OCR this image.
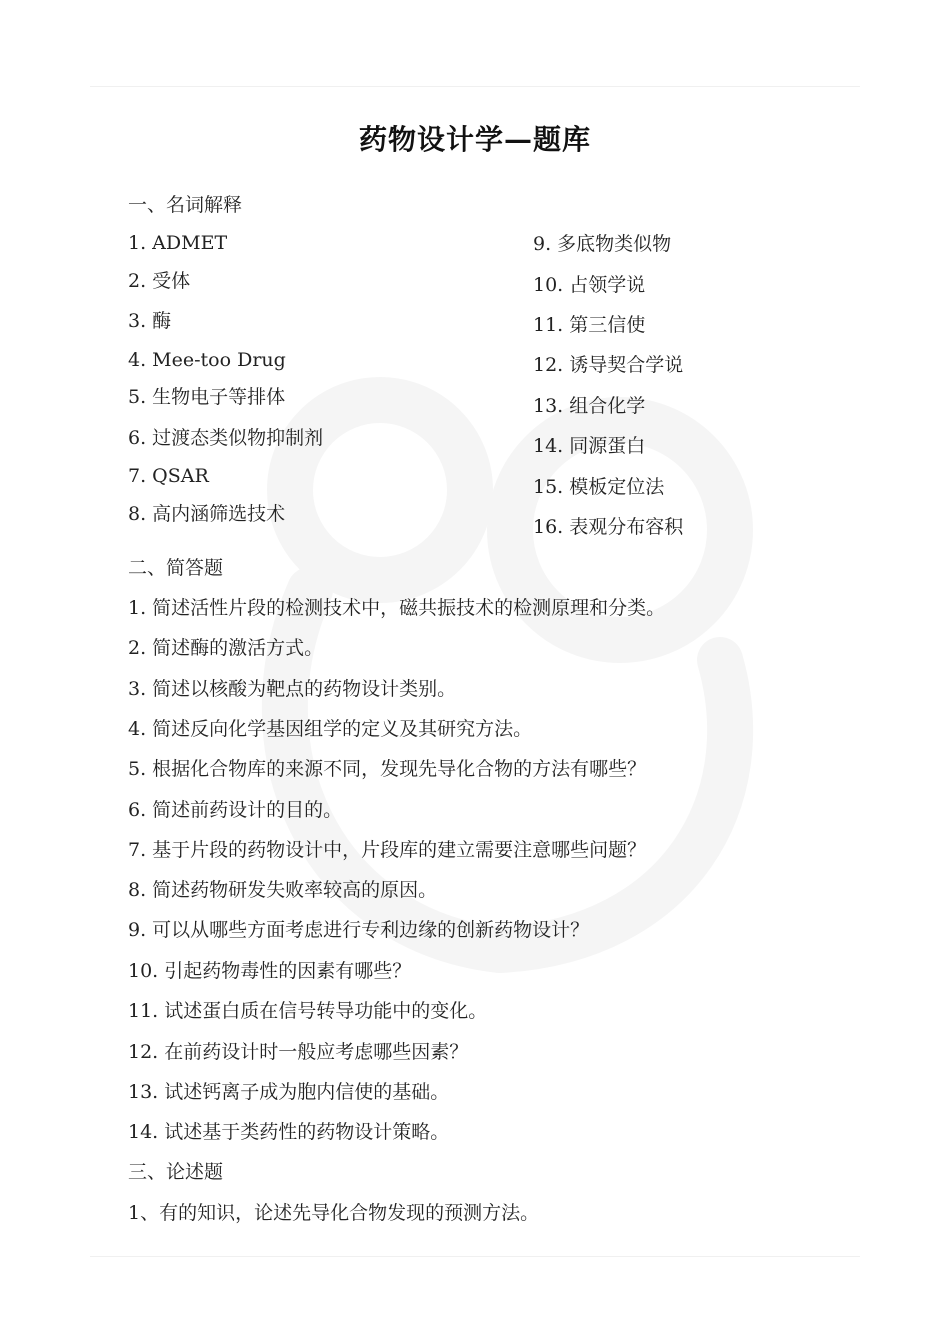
药物设计学—题库
一、名词解释
1. ADMET
2. 受体
3. 酶
4. Mee-too Drug
5. 生物电子等排体
6. 过渡态类似物抑制剂
7. QSAR
8. 高内涵筛选技术
9. 多底物类似物
10. 占领学说
11. 第三信使
12. 诱导契合学说
13. 组合化学
14. 同源蛋白
15. 模板定位法
16. 表观分布容积
二、简答题
1. 简述活性片段的检测技术中，磁共振技术的检测原理和分类。
2. 简述酶的激活方式。
3. 简述以核酸为靶点的药物设计类别。
4. 简述反向化学基因组学的定义及其研究方法。
5. 根据化合物库的来源不同，发现先导化合物的方法有哪些？
6. 简述前药设计的目的。
7. 基于片段的药物设计中，片段库的建立需要注意哪些问题？
8. 简述药物研发失败率较高的原因。
9. 可以从哪些方面考虑进行专利边缘的创新药物设计？
10. 引起药物毒性的因素有哪些？
11. 试述蛋白质在信号转导功能中的变化。
12. 在前药设计时一般应考虑哪些因素？
13. 试述钙离子成为胞内信使的基础。
14. 试述基于类药性的药物设计策略。
三、论述题
1、有的知识，论述先导化合物发现的预测方法。
